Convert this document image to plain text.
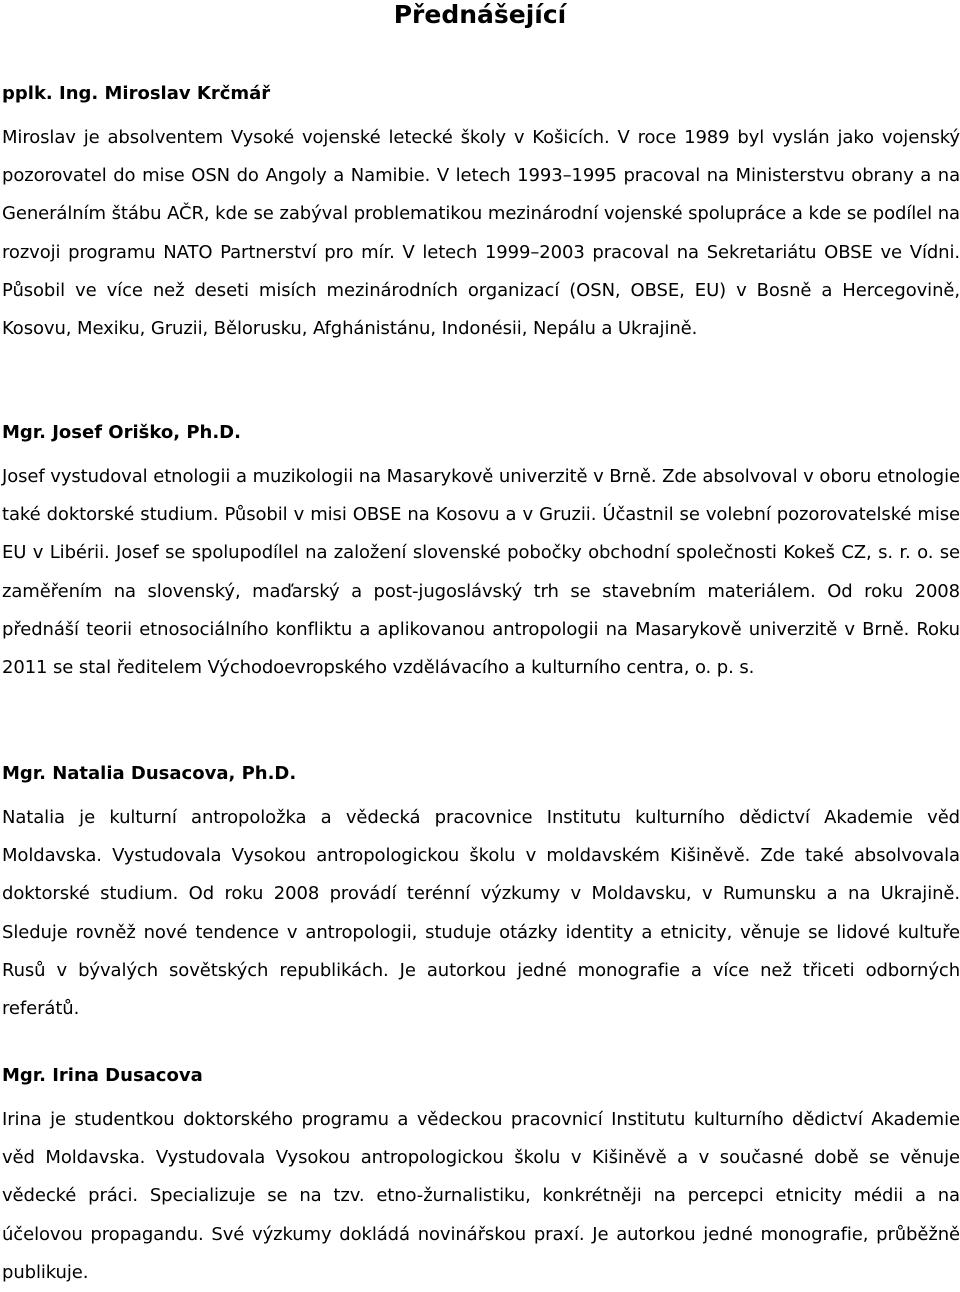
Přednášející

pplk. Ing. Miroslav Krčmář

Miroslav je absolventem Vysoké vojenské letecké školy v Košicích. V roce 1989 byl vyslán jako vojenský pozorovatel do mise OSN do Angoly a Namibie. V letech 1993–1995 pracoval na Ministerstvu obrany a na Generálním štábu AČR, kde se zabýval problematikou mezinárodní vojenské spolupráce a kde se podílel na rozvoji programu NATO Partnerství pro mír. V letech 1999–2003 pracoval na Sekretariátu OBSE ve Vídni. Působil ve více než deseti misích mezinárodních organizací (OSN, OBSE, EU) v Bosně a Hercegovině, Kosovu, Mexiku, Gruzii, Bělorusku, Afghánistánu, Indonésii, Nepálu a Ukrajině.

Mgr. Josef Oriško, Ph.D.

Josef vystudoval etnologii a muzikologii na Masarykově univerzitě v Brně. Zde absolvoval v oboru etnologie také doktorské studium. Působil v misi OBSE na Kosovu a v Gruzii. Účastnil se volební pozorovatelské mise EU v Libérii. Josef se spolupodílel na založení slovenské pobočky obchodní společnosti Kokeš CZ, s. r. o. se zaměřením na slovenský, maďarský a post-jugoslávský trh se stavebním materiálem. Od roku 2008 přednáší teorii etnosociálního konfliktu a aplikovanou antropologii na Masarykově univerzitě v Brně. Roku 2011 se stal ředitelem Východoevropského vzdělávacího a kulturního centra, o. p. s.

Mgr. Natalia Dusacova, Ph.D.

Natalia je kulturní antropoložka a vědecká pracovnice Institutu kulturního dědictví Akademie věd Moldavska. Vystudovala Vysokou antropologickou školu v moldavském Kišiněvě. Zde také absolvovala doktorské studium. Od roku 2008 provádí terénní výzkumy v Moldavsku, v Rumunsku a na Ukrajině. Sleduje rovněž nové tendence v antropologii, studuje otázky identity a etnicity, věnuje se lidové kultuře Rusů v bývalých sovětských republikách. Je autorkou jedné monografie a více než třiceti odborných referátů.

Mgr. Irina Dusacova

Irina je studentkou doktorského programu a vědeckou pracovnicí Institutu kulturního dědictví Akademie věd Moldavska. Vystudovala Vysokou antropologickou školu v Kišiněvě a v současné době se věnuje vědecké práci. Specializuje se na tzv. etno-žurnalistiku, konkrétněji na percepci etnicity médii a na účelovou propagandu. Své výzkumy dokládá novinářskou praxí. Je autorkou jedné monografie, průběžně publikuje.
